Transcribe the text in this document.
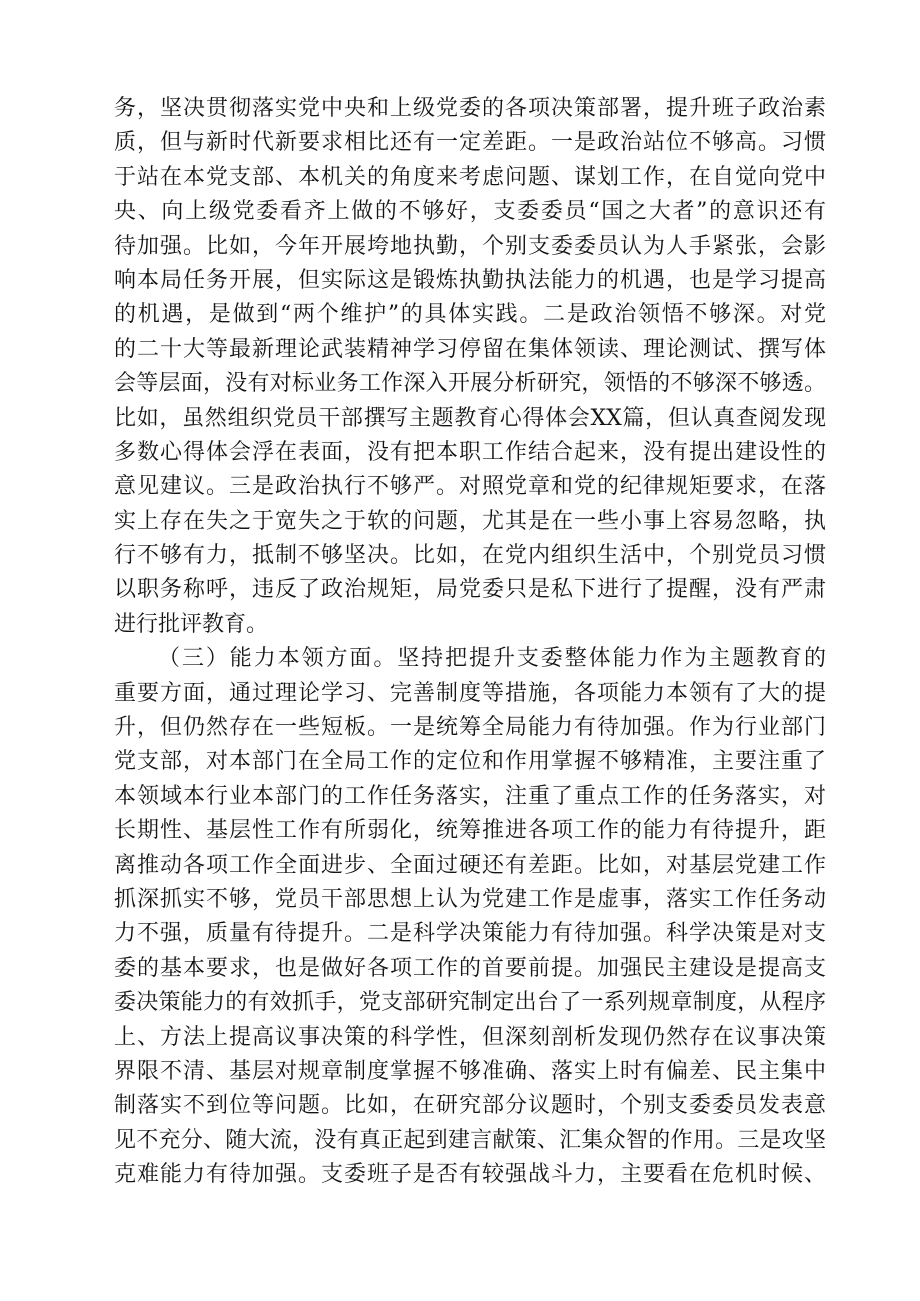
务，坚决贯彻落实党中央和上级党委的各项决策部署，提升班子政治素
质，但与新时代新要求相比还有一定差距。一是政治站位不够高。习惯
于站在本党支部、本机关的角度来考虑问题、谋划工作，在自觉向党中
央、向上级党委看齐上做的不够好，支委委员“国之大者”的意识还有
待加强。比如，今年开展垮地执勤，个别支委委员认为人手紧张，会影
响本局任务开展，但实际这是锻炼执勤执法能力的机遇，也是学习提高
的机遇，是做到“两个维护”的具体实践。二是政治领悟不够深。对党
的二十大等最新理论武装精神学习停留在集体领读、理论测试、撰写体
会等层面，没有对标业务工作深入开展分析研究，领悟的不够深不够透。
比如，虽然组织党员干部撰写主题教育心得体会XX篇，但认真查阅发现
多数心得体会浮在表面，没有把本职工作结合起来，没有提出建设性的
意见建议。三是政治执行不够严。对照党章和党的纪律规矩要求，在落
实上存在失之于宽失之于软的问题，尤其是在一些小事上容易忽略，执
行不够有力，抵制不够坚决。比如，在党内组织生活中，个别党员习惯
以职务称呼，违反了政治规矩，局党委只是私下进行了提醒，没有严肃
进行批评教育。
（三）能力本领方面。坚持把提升支委整体能力作为主题教育的
重要方面，通过理论学习、完善制度等措施，各项能力本领有了大的提
升，但仍然存在一些短板。一是统筹全局能力有待加强。作为行业部门
党支部，对本部门在全局工作的定位和作用掌握不够精准，主要注重了
本领域本行业本部门的工作任务落实，注重了重点工作的任务落实，对
长期性、基层性工作有所弱化，统筹推进各项工作的能力有待提升，距
离推动各项工作全面进步、全面过硬还有差距。比如，对基层党建工作
抓深抓实不够，党员干部思想上认为党建工作是虚事，落实工作任务动
力不强，质量有待提升。二是科学决策能力有待加强。科学决策是对支
委的基本要求，也是做好各项工作的首要前提。加强民主建设是提高支
委决策能力的有效抓手，党支部研究制定出台了一系列规章制度，从程序
上、方法上提高议事决策的科学性，但深刻剖析发现仍然存在议事决策
界限不清、基层对规章制度掌握不够准确、落实上时有偏差、民主集中
制落实不到位等问题。比如，在研究部分议题时，个别支委委员发表意
见不充分、随大流，没有真正起到建言献策、汇集众智的作用。三是攻坚
克难能力有待加强。支委班子是否有较强战斗力，主要看在危机时候、
